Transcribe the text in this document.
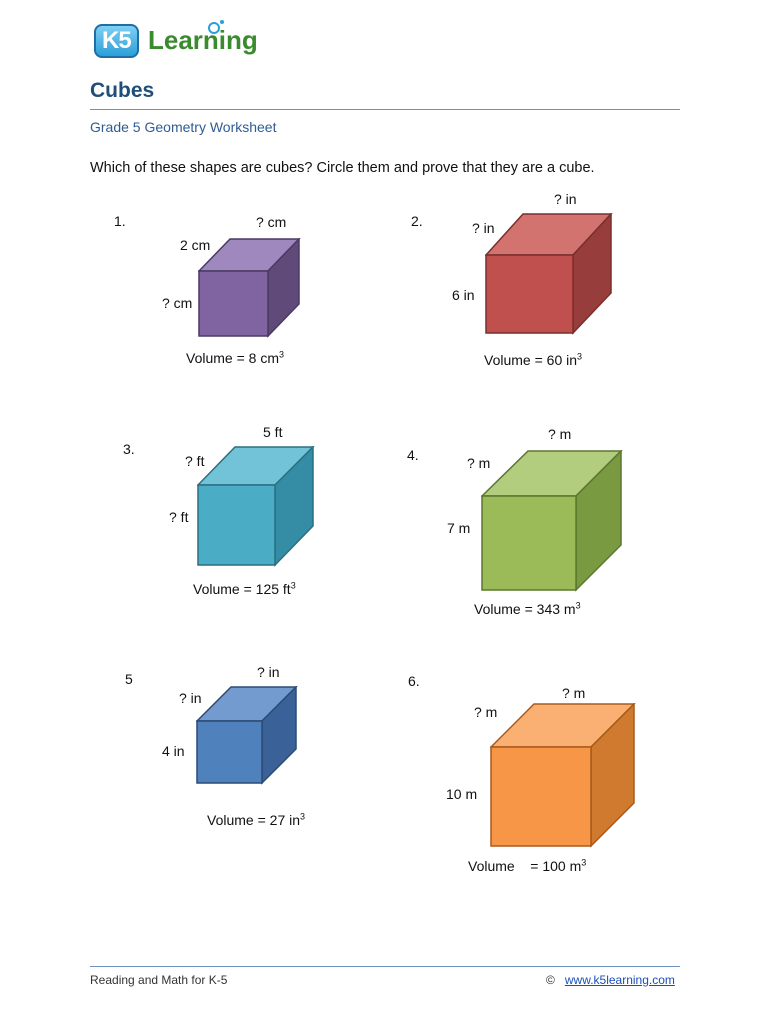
K5 Learning
Cubes
Grade 5 Geometry Worksheet
Which of these shapes are cubes? Circle them and prove that they are a cube.
1.	? cm
2 cm
? cm
Volume = 8 $cm^3$
2.
? in
? in
6 in
Volume = 60 $in^3$
3.
5 ft
? ft
? ft
Volume = 125 $ft^3$
4.
? m
? m
7 m
Volume = 343 $m^3$
5	? in
? in
4 in
Volume = 27 $in^3$
6.
? m
? m
10 m
Volume    = 100 $m^3$
Reading and Math for K-5	© www.k5learning.com
